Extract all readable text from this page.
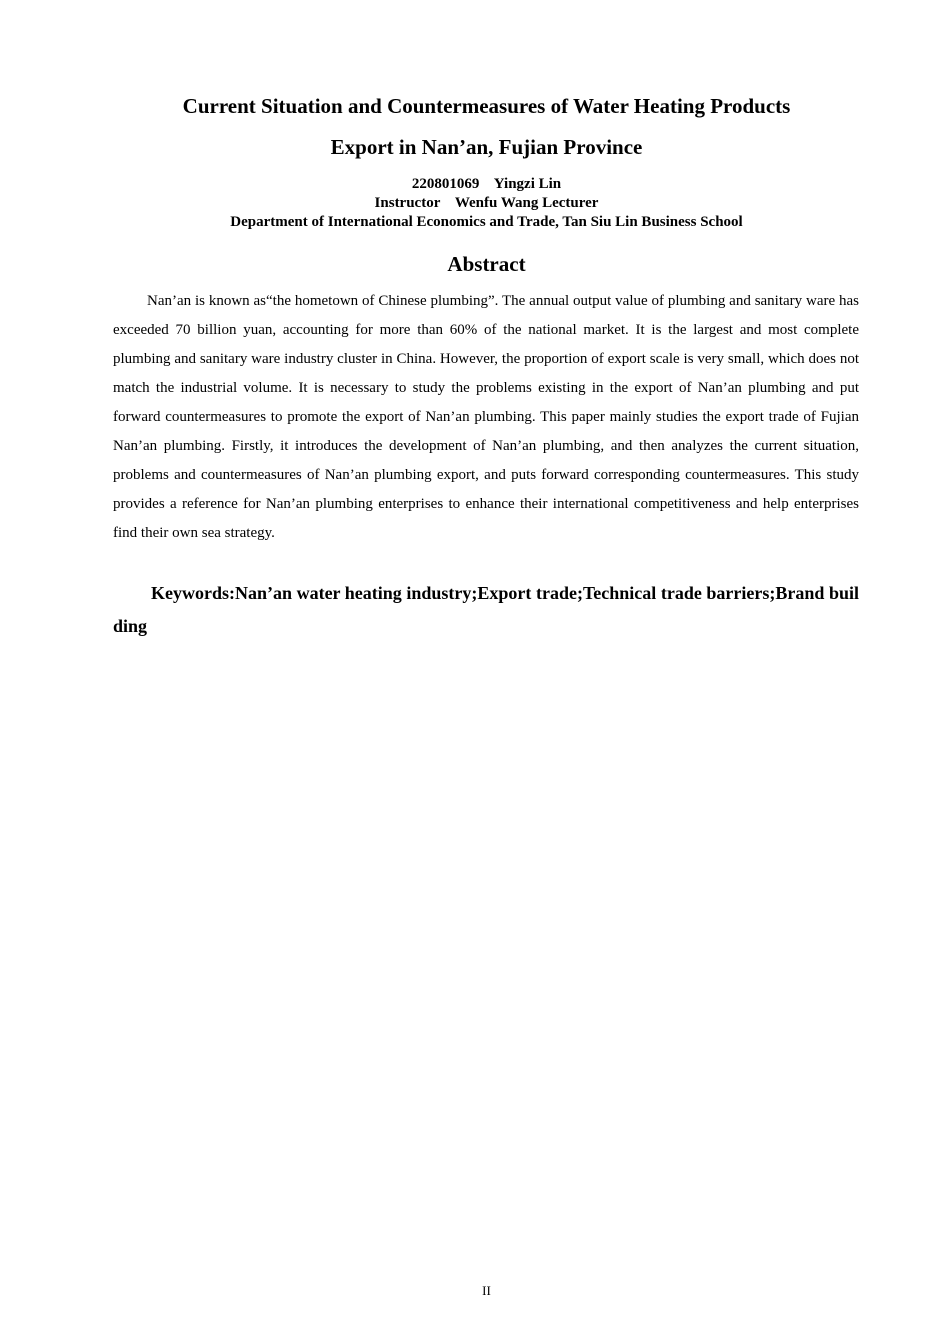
Current Situation and Countermeasures of Water Heating Products
Export in Nan’an, Fujian Province
220801069    Yingzi Lin
Instructor    Wenfu Wang Lecturer
Department of International Economics and Trade, Tan Siu Lin Business School
Abstract

Nan’an is known as“the hometown of Chinese plumbing”. The annual output value of plumbing and sanitary ware has exceeded 70 billion yuan, accounting for more than 60% of the national market. It is the largest and most complete plumbing and sanitary ware industry cluster in China. However, the proportion of export scale is very small, which does not match the industrial volume. It is necessary to study the problems existing in the export of Nan’an plumbing and put forward countermeasures to promote the export of Nan’an plumbing. This paper mainly studies the export trade of Fujian Nan’an plumbing. Firstly, it introduces the development of Nan’an plumbing, and then analyzes the current situation, problems and countermeasures of Nan’an plumbing export, and puts forward corresponding countermeasures. This study provides a reference for Nan’an plumbing enterprises to enhance their international competitiveness and help enterprises find their own sea strategy.

Keywords:Nan’an water heating industry;Export trade;Technical trade barriers;Brand building

II
